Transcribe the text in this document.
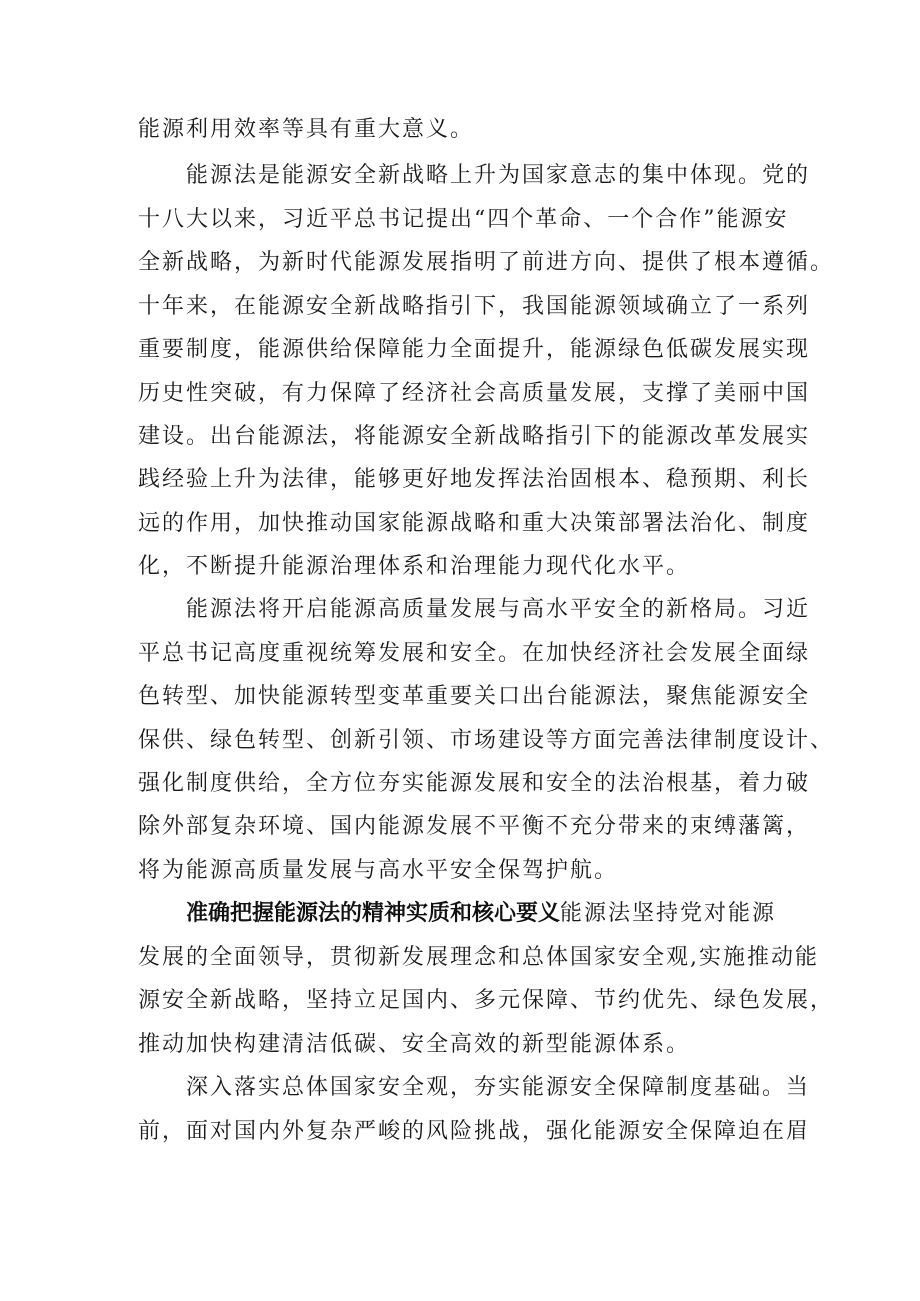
能源利用效率等具有重大意义。
能源法是能源安全新战略上升为国家意志的集中体现。党的
十八大以来，习近平总书记提出“四个革命、一个合作”能源安
全新战略，为新时代能源发展指明了前进方向、提供了根本遵循。
十年来，在能源安全新战略指引下，我国能源领域确立了一系列
重要制度，能源供给保障能力全面提升，能源绿色低碳发展实现
历史性突破，有力保障了经济社会高质量发展，支撑了美丽中国
建设。出台能源法，将能源安全新战略指引下的能源改革发展实
践经验上升为法律，能够更好地发挥法治固根本、稳预期、利长
远的作用，加快推动国家能源战略和重大决策部署法治化、制度
化，不断提升能源治理体系和治理能力现代化水平。
能源法将开启能源高质量发展与高水平安全的新格局。习近
平总书记高度重视统筹发展和安全。在加快经济社会发展全面绿
色转型、加快能源转型变革重要关口出台能源法，聚焦能源安全
保供、绿色转型、创新引领、市场建设等方面完善法律制度设计、
强化制度供给，全方位夯实能源发展和安全的法治根基，着力破
除外部复杂环境、国内能源发展不平衡不充分带来的束缚藩篱，
将为能源高质量发展与高水平安全保驾护航。
准确把握能源法的精神实质和核心要义能源法坚持党对能源
发展的全面领导，贯彻新发展理念和总体国家安全观,实施推动能
源安全新战略，坚持立足国内、多元保障、节约优先、绿色发展，
推动加快构建清洁低碳、安全高效的新型能源体系。
深入落实总体国家安全观，夯实能源安全保障制度基础。当
前，面对国内外复杂严峻的风险挑战，强化能源安全保障迫在眉
